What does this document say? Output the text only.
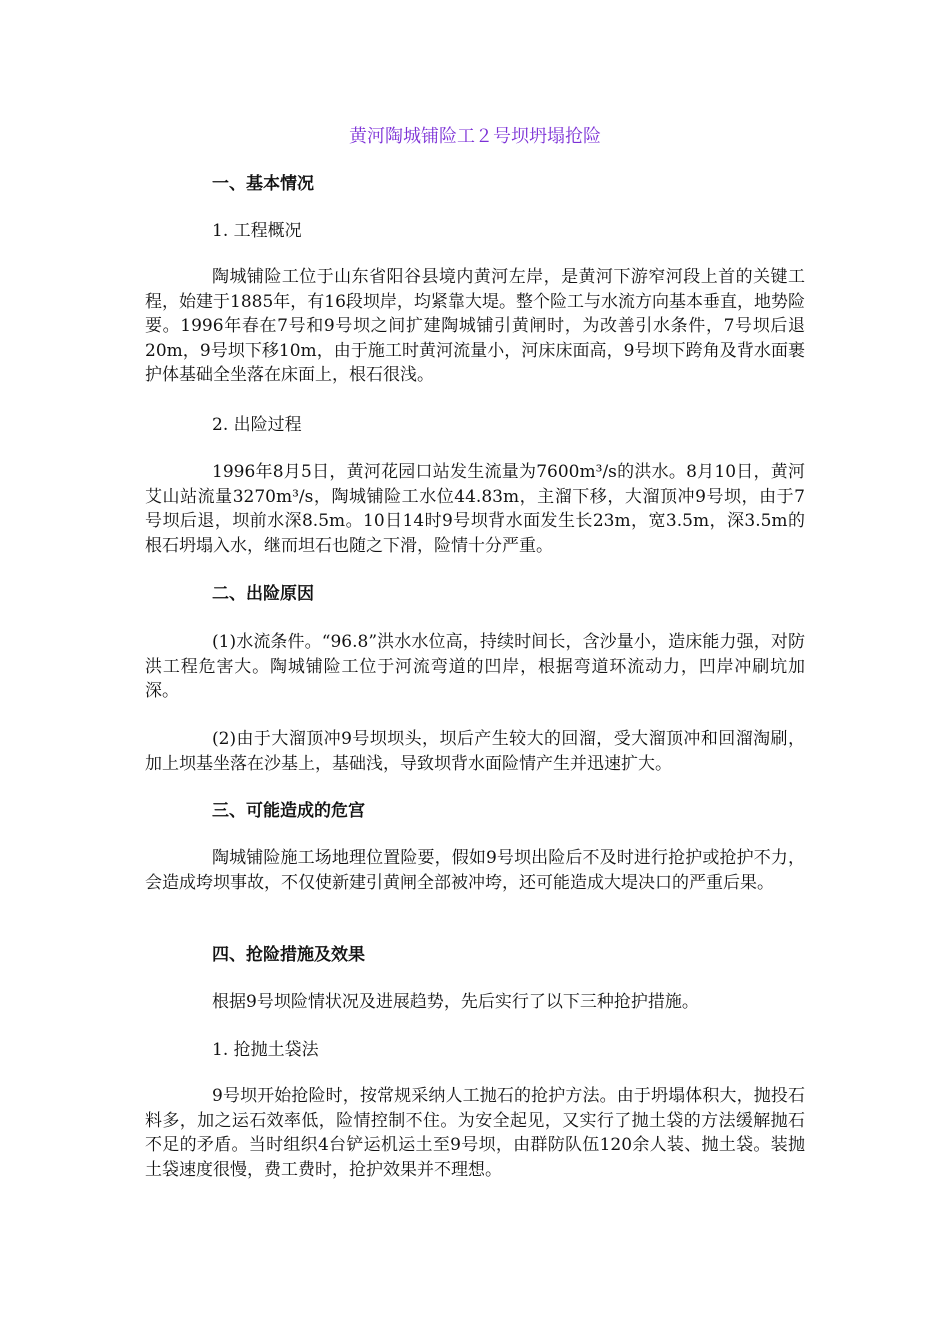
黄河陶城铺险工２号坝坍塌抢险
一、基本情况
1. 工程概况

陶城铺险工位于山东省阳谷县境内黄河左岸，是黄河下游窄河段上首的关键工程，始建于1885年，有16段坝岸，均紧靠大堤。整个险工与水流方向基本垂直，地势险要。1996年春在7号和9号坝之间扩建陶城铺引黄闸时，为改善引水条件，7号坝后退20m，9号坝下移10m，由于施工时黄河流量小，河床床面高，9号坝下跨角及背水面裹护体基础全坐落在床面上，根石很浅。

2. 出险过程

1996年8月5日，黄河花园口站发生流量为7600m³/s的洪水。8月10日，黄河艾山站流量3270m³/s，陶城铺险工水位44.83m，主溜下移，大溜顶冲9号坝，由于7号坝后退，坝前水深8.5m。10日14时9号坝背水面发生长23m，宽3.5m，深3.5m的根石坍塌入水，继而坦石也随之下滑，险情十分严重。

二、出险原因

(1)水流条件。“96.8”洪水水位高，持续时间长，含沙量小，造床能力强，对防洪工程危害大。陶城铺险工位于河流弯道的凹岸，根据弯道环流动力，凹岸冲刷坑加深。

(2)由于大溜顶冲9号坝坝头，坝后产生较大的回溜，受大溜顶冲和回溜淘刷，加上坝基坐落在沙基上，基础浅，导致坝背水面险情产生并迅速扩大。

三、可能造成的危宫

陶城铺险施工场地理位置险要，假如9号坝出险后不及时进行抢护或抢护不力，会造成垮坝事故，不仅使新建引黄闸全部被冲垮，还可能造成大堤决口的严重后果。

四、抢险措施及效果

根据9号坝险情状况及进展趋势，先后实行了以下三种抢护措施。

1. 抢抛土袋法

9号坝开始抢险时，按常规采纳人工抛石的抢护方法。由于坍塌体积大，抛投石料多，加之运石效率低，险情控制不住。为安全起见，又实行了抛土袋的方法缓解抛石不足的矛盾。当时组织4台铲运机运土至9号坝，由群防队伍120余人装、抛土袋。装抛土袋速度很慢，费工费时，抢护效果并不理想。
